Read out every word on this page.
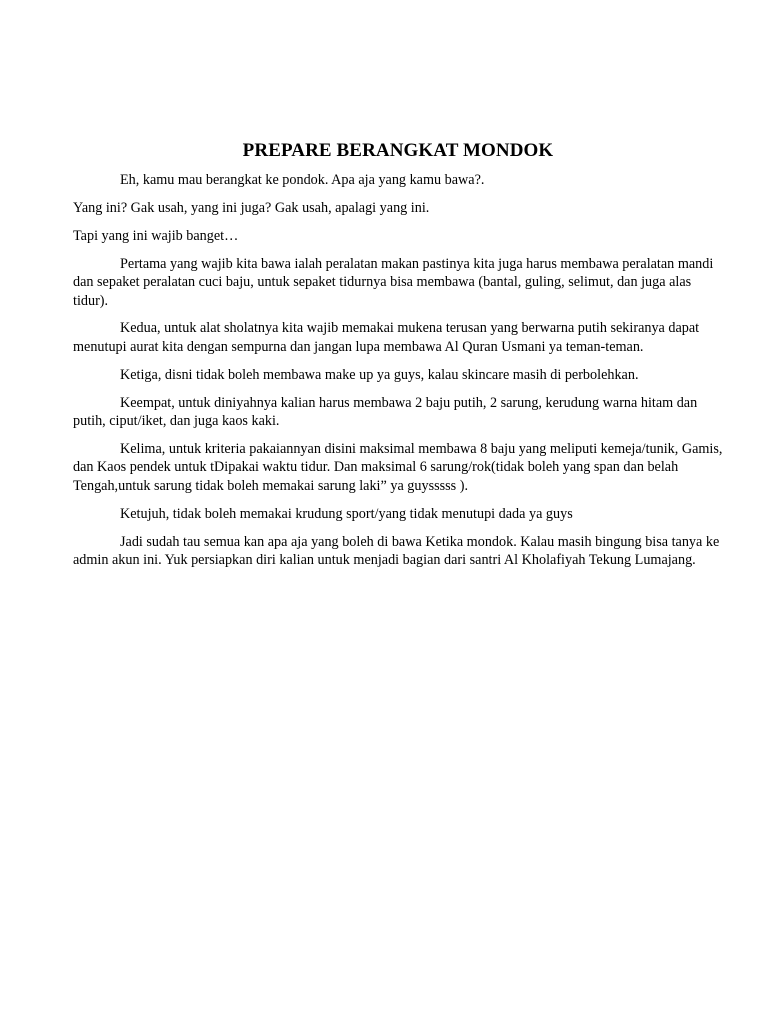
PREPARE BERANGKAT MONDOK

Eh, kamu mau berangkat ke pondok. Apa aja yang kamu bawa?.

Yang ini? Gak usah, yang ini juga? Gak usah, apalagi yang ini.

Tapi yang ini wajib banget…

Pertama yang wajib kita bawa ialah peralatan makan pastinya kita juga harus membawa peralatan mandi dan sepaket peralatan cuci baju, untuk sepaket tidurnya bisa membawa (bantal, guling, selimut, dan juga alas tidur).

Kedua, untuk alat sholatnya kita wajib memakai mukena terusan yang berwarna putih sekiranya dapat menutupi aurat kita dengan sempurna dan jangan lupa membawa Al Quran Usmani ya teman-teman.

Ketiga, disni tidak boleh membawa make up ya guys, kalau skincare masih di perbolehkan.

Keempat, untuk diniyahnya kalian harus membawa 2 baju putih, 2 sarung, kerudung warna hitam dan putih, ciput/iket, dan juga kaos kaki.

Kelima, untuk kriteria pakaiannyan disini maksimal membawa 8 baju yang meliputi kemeja/tunik, Gamis, dan Kaos pendek untuk tDipakai waktu tidur. Dan maksimal 6 sarung/rok(tidak boleh yang span dan belah Tengah,untuk sarung tidak boleh memakai sarung laki” ya guysssss ).

Ketujuh, tidak boleh memakai krudung sport/yang tidak menutupi dada ya guys

Jadi sudah tau semua kan apa aja yang boleh di bawa Ketika mondok. Kalau masih bingung bisa tanya ke admin akun ini. Yuk persiapkan diri kalian untuk menjadi bagian dari santri Al Kholafiyah Tekung Lumajang.
